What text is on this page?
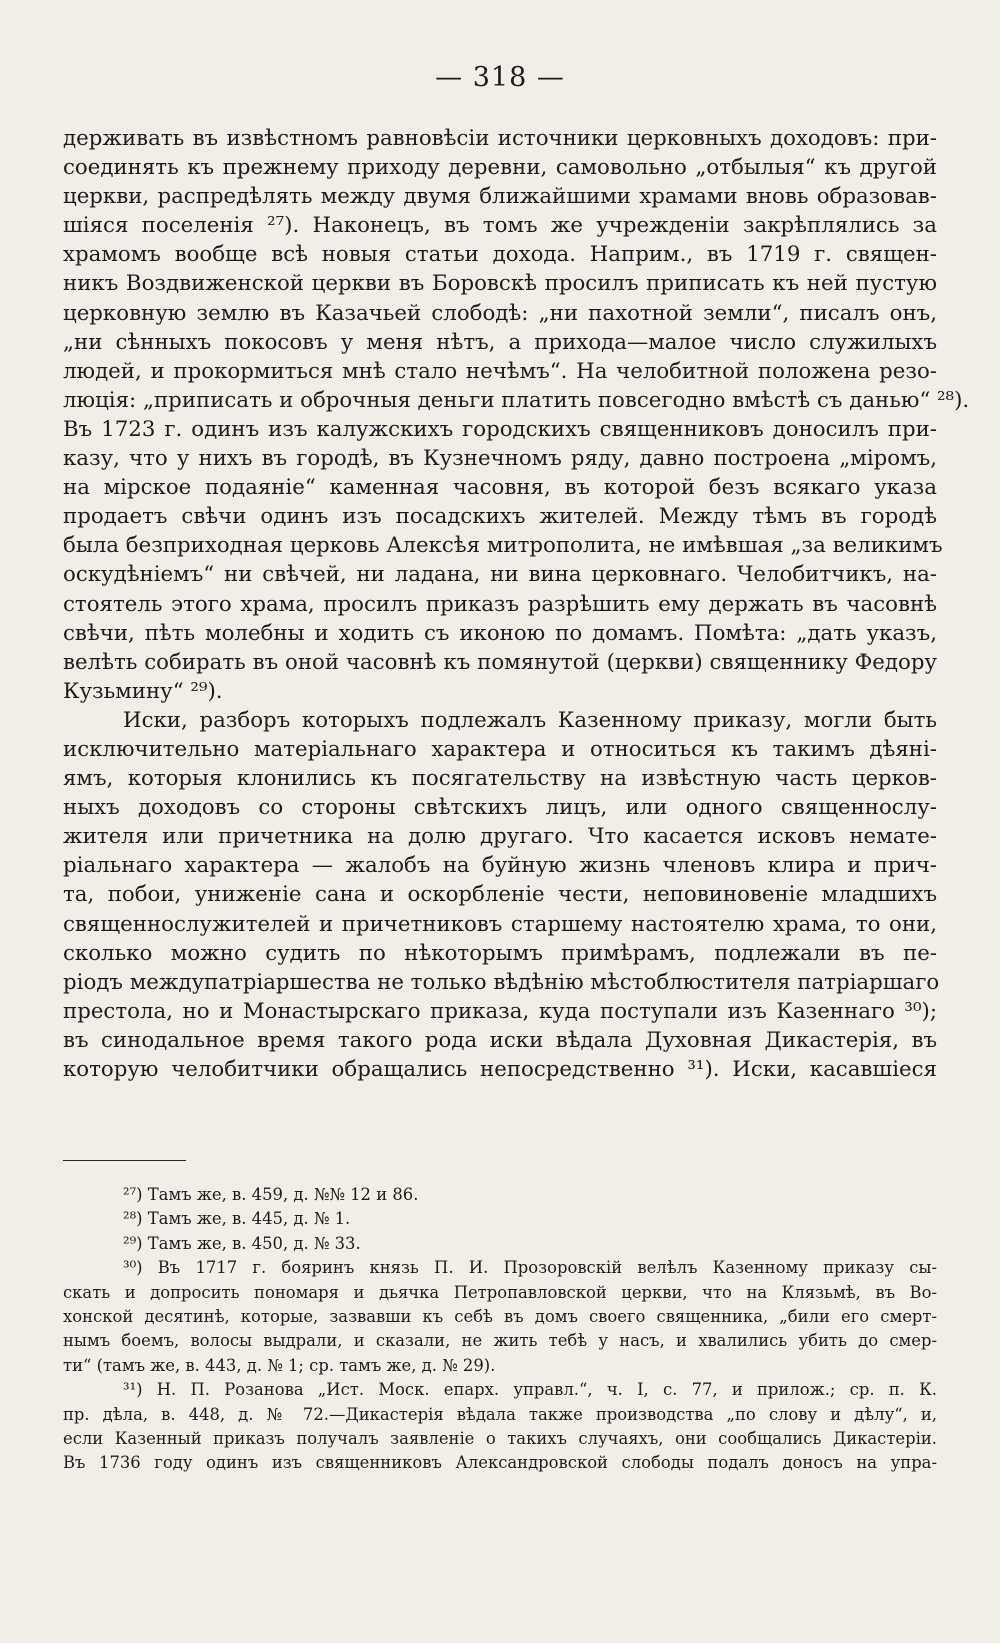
— 318 —
держивать въ извѣстномъ равновѣсіи источники церковныхъ доходовъ: при-
соединять къ прежнему приходу деревни, самовольно „отбылыя“ къ другой
церкви, распредѣлять между двумя ближайшими храмами вновь образовав-
шіяся поселенія ²⁷). Наконецъ, въ томъ же учрежденіи закрѣплялись за
храмомъ вообще всѣ новыя статьи дохода. Наприм., въ 1719 г. священ-
никъ Воздвиженской церкви въ Боровскѣ просилъ приписать къ ней пустую
церковную землю въ Казачьей слободѣ: „ни пахотной земли“, писалъ онъ,
„ни сѣнныхъ покосовъ у меня нѣтъ, а прихода—малое число служилыхъ
людей, и прокормиться мнѣ стало нечѣмъ“. На челобитной положена резо-
люція: „приписать и оброчныя деньги платить повсегодно вмѣстѣ съ данью“ ²⁸).
Въ 1723 г. одинъ изъ калужскихъ городскихъ священниковъ доносилъ при-
казу, что у нихъ въ городѣ, въ Кузнечномъ ряду, давно построена „міромъ,
на мірское подаяніе“ каменная часовня, въ которой безъ всякаго указа
продаетъ свѣчи одинъ изъ посадскихъ жителей. Между тѣмъ въ городѣ
была безприходная церковь Алексѣя митрополита, не имѣвшая „за великимъ
оскудѣніемъ“ ни свѣчей, ни ладана, ни вина церковнаго. Челобитчикъ, на-
стоятель этого храма, просилъ приказъ разрѣшить ему держать въ часовнѣ
свѣчи, пѣть молебны и ходить съ иконою по домамъ. Помѣта: „дать указъ,
велѣть собирать въ оной часовнѣ къ помянутой (церкви) священнику Федору
Кузьмину“ ²⁹).
Иски, разборъ которыхъ подлежалъ Казенному приказу, могли быть
исключительно матеріальнаго характера и относиться къ такимъ дѣяні-
ямъ, которыя клонились къ посягательству на извѣстную часть церков-
ныхъ доходовъ со стороны свѣтскихъ лицъ, или одного священнослу-
жителя или причетника на долю другаго. Что касается исковъ немате-
ріальнаго характера — жалобъ на буйную жизнь членовъ клира и прич-
та, побои, униженіе сана и оскорбленіе чести, неповиновеніе младшихъ
священнослужителей и причетниковъ старшему настоятелю храма, то они,
сколько можно судить по нѣкоторымъ примѣрамъ, подлежали въ пе-
ріодъ междупатріаршества не только вѣдѣнію мѣстоблюстителя патріаршаго
престола, но и Монастырскаго приказа, куда поступали изъ Казеннаго ³⁰);
въ синодальное время такого рода иски вѣдала Духовная Дикастерія, въ
которую челобитчики обращались непосредственно ³¹). Иски, касавшіеся
²⁷) Тамъ же, в. 459, д. №№ 12 и 86.
²⁸) Тамъ же, в. 445, д. № 1.
²⁹) Тамъ же, в. 450, д. № 33.
³⁰) Въ 1717 г. бояринъ князь П. И. Прозоровскій велѣлъ Казенному приказу сы-
скать и допросить пономаря и дьячка Петропавловской церкви, что на Клязьмѣ, въ Во-
хонской десятинѣ, которые, зазвавши къ себѣ въ домъ своего священника, „били его смерт-
нымъ боемъ, волосы выдрали, и сказали, не жить тебѣ у насъ, и хвалились убить до смер-
ти“ (тамъ же, в. 443, д. № 1; ср. тамъ же, д. № 29).
³¹) Н. П. Розанова „Ист. Моск. епарх. управл.“, ч. I, с. 77, и прилож.; ср. п. К.
пр. дѣла, в. 448, д. № 72.—Дикастерія вѣдала также производства „по слову и дѣлу“, и,
если Казенный приказъ получалъ заявленіе о такихъ случаяхъ, они сообщались Дикастеріи.
Въ 1736 году одинъ изъ священниковъ Александровской слободы подалъ доносъ на упра-
